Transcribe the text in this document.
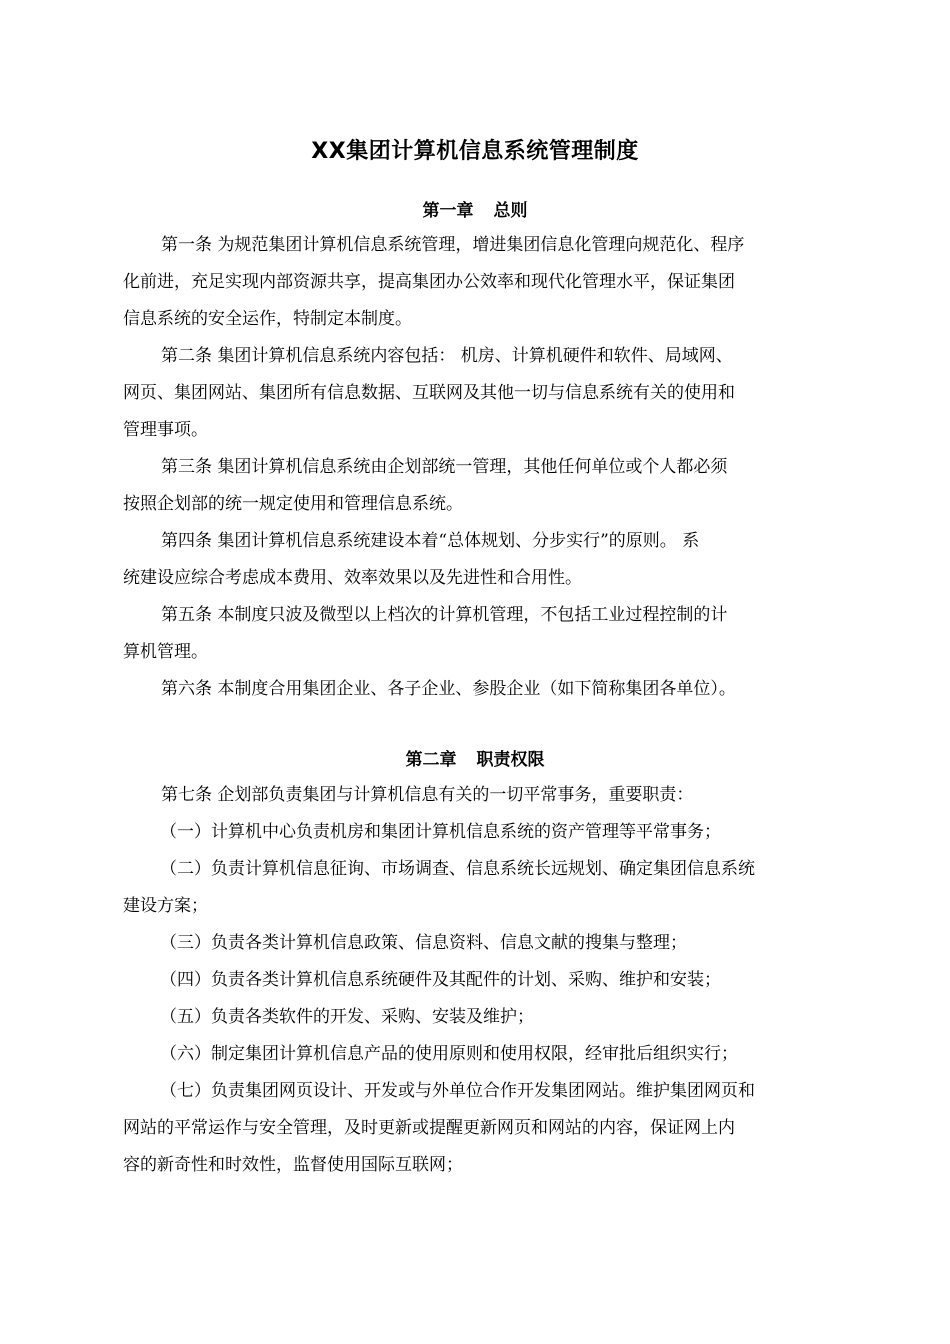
XX集团计算机信息系统管理制度
第一章 总则
第一条 为规范集团计算机信息系统管理，增进集团信息化管理向规范化、程序
化前进，充足实现内部资源共享，提高集团办公效率和现代化管理水平，保证集团
信息系统的安全运作，特制定本制度。
第二条 集团计算机信息系统内容包括： 机房、计算机硬件和软件、局域网、
网页、集团网站、集团所有信息数据、互联网及其他一切与信息系统有关的使用和
管理事项。
第三条 集团计算机信息系统由企划部统一管理，其他任何单位或个人都必须
按照企划部的统一规定使用和管理信息系统。
第四条 集团计算机信息系统建设本着“总体规划、分步实行”的原则。 系
统建设应综合考虑成本费用、效率效果以及先进性和合用性。
第五条 本制度只波及微型以上档次的计算机管理，不包括工业过程控制的计
算机管理。
第六条 本制度合用集团企业、各子企业、参股企业（如下简称集团各单位）。
第二章 职责权限
第七条 企划部负责集团与计算机信息有关的一切平常事务，重要职责：
（一）计算机中心负责机房和集团计算机信息系统的资产管理等平常事务；
（二）负责计算机信息征询、市场调查、信息系统长远规划、确定集团信息系统
建设方案；
（三）负责各类计算机信息政策、信息资料、信息文献的搜集与整理；
（四）负责各类计算机信息系统硬件及其配件的计划、采购、维护和安装；
（五）负责各类软件的开发、采购、安装及维护；
（六）制定集团计算机信息产品的使用原则和使用权限，经审批后组织实行；
（七）负责集团网页设计、开发或与外单位合作开发集团网站。维护集团网页和
网站的平常运作与安全管理，及时更新或提醒更新网页和网站的内容，保证网上内
容的新奇性和时效性，监督使用国际互联网；
